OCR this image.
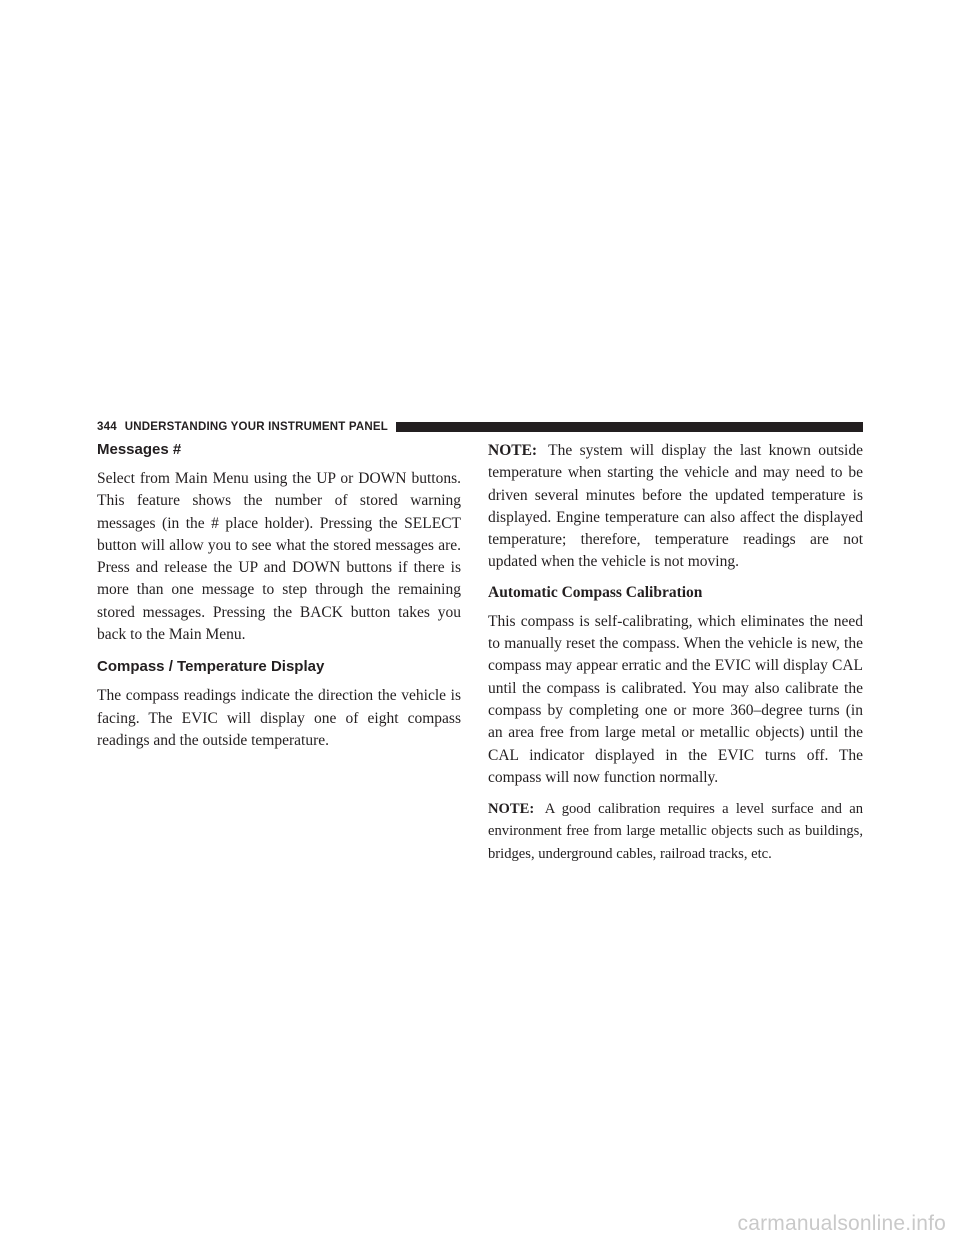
344 UNDERSTANDING YOUR INSTRUMENT PANEL
Messages #

Select from Main Menu using the UP or DOWN buttons. This feature shows the number of stored warning messages (in the # place holder). Pressing the SELECT button will allow you to see what the stored messages are. Press and release the UP and DOWN buttons if there is more than one message to step through the remaining stored messages. Pressing the BACK button takes you back to the Main Menu.

Compass / Temperature Display

The compass readings indicate the direction the vehicle is facing. The EVIC will display one of eight compass readings and the outside temperature.

NOTE: The system will display the last known outside temperature when starting the vehicle and may need to be driven several minutes before the updated temperature is displayed. Engine temperature can also affect the displayed temperature; therefore, temperature readings are not updated when the vehicle is not moving.

Automatic Compass Calibration

This compass is self-calibrating, which eliminates the need to manually reset the compass. When the vehicle is new, the compass may appear erratic and the EVIC will display CAL until the compass is calibrated. You may also calibrate the compass by completing one or more 360–degree turns (in an area free from large metal or metallic objects) until the CAL indicator displayed in the EVIC turns off. The compass will now function normally.

NOTE: A good calibration requires a level surface and an environment free from large metallic objects such as buildings, bridges, underground cables, railroad tracks, etc.

carmanualsonline.info
